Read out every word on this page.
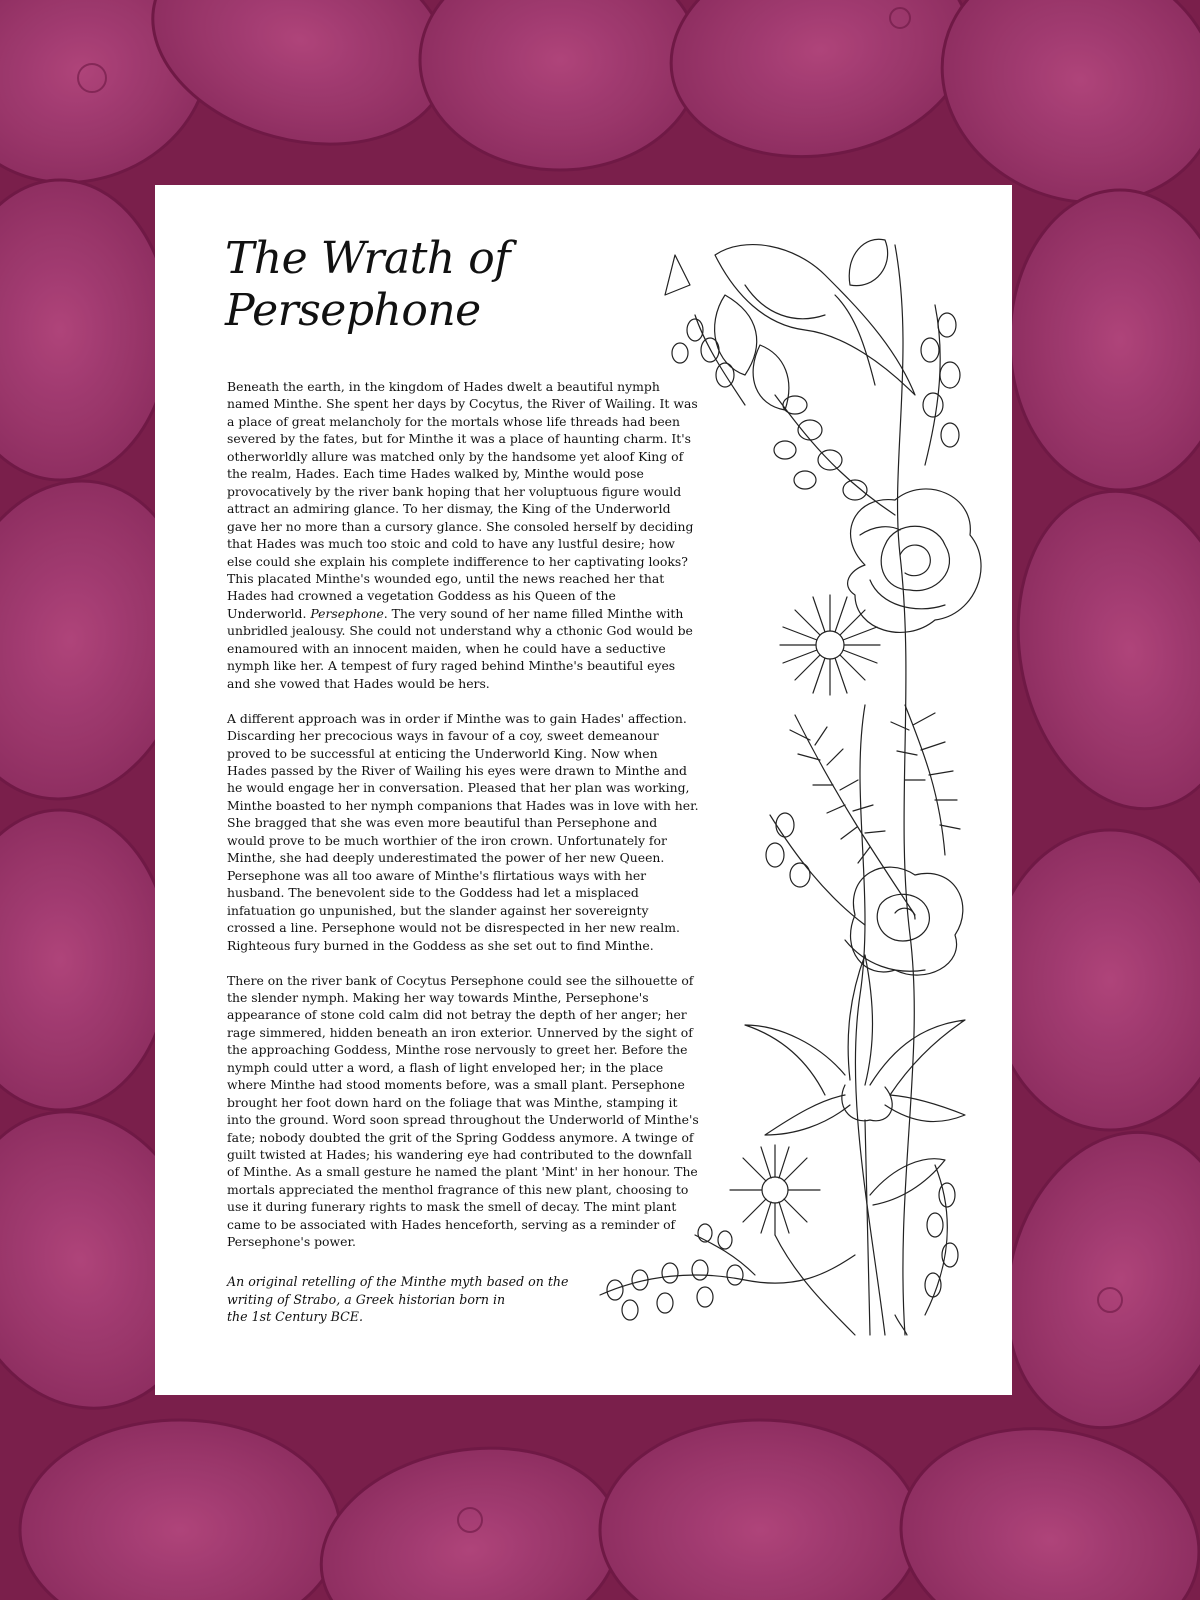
The Wrath of
Persephone

Beneath the earth, in the kingdom of Hades dwelt a beautiful nymph named Minthe. She spent her days by Cocytus, the River of Wailing. It was a place of great melancholy for the mortals whose life threads had been severed by the fates, but for Minthe it was a place of haunting charm. It's otherworldly allure was matched only by the handsome yet aloof King of the realm, Hades. Each time Hades walked by, Minthe would pose provocatively by the river bank hoping that her voluptuous figure would attract an admiring glance. To her dismay, the King of the Underworld gave her no more than a cursory glance. She consoled herself by deciding that Hades was much too stoic and cold to have any lustful desire; how else could she explain his complete indifference to her captivating looks? This placated Minthe's wounded ego, until the news reached her that Hades had crowned a vegetation Goddess as his Queen of the Underworld. Persephone. The very sound of her name filled Minthe with unbridled jealousy. She could not understand why a cthonic God would be enamoured with an innocent maiden, when he could have a seductive nymph like her. A tempest of fury raged behind Minthe's beautiful eyes and she vowed that Hades would be hers.

A different approach was in order if Minthe was to gain Hades' affection. Discarding her precocious ways in favour of a coy, sweet demeanour proved to be successful at enticing the Underworld King. Now when Hades passed by the River of Wailing his eyes were drawn to Minthe and he would engage her in conversation. Pleased that her plan was working, Minthe boasted to her nymph companions that Hades was in love with her. She bragged that she was even more beautiful than Persephone and would prove to be much worthier of the iron crown. Unfortunately for Minthe, she had deeply underestimated the power of her new Queen. Persephone was all too aware of Minthe's flirtatious ways with her husband. The benevolent side to the Goddess had let a misplaced infatuation go unpunished, but the slander against her sovereignty crossed a line. Persephone would not be disrespected in her new realm. Righteous fury burned in the Goddess as she set out to find Minthe.

There on the river bank of Cocytus Persephone could see the silhouette of the slender nymph. Making her way towards Minthe, Persephone's appearance of stone cold calm did not betray the depth of her anger; her rage simmered, hidden beneath an iron exterior. Unnerved by the sight of the approaching Goddess, Minthe rose nervously to greet her. Before the nymph could utter a word, a flash of light enveloped her; in the place where Minthe had stood moments before, was a small plant. Persephone brought her foot down hard on the foliage that was Minthe, stamping it into the ground. Word soon spread throughout the Underworld of Minthe's fate; nobody doubted the grit of the Spring Goddess anymore. A twinge of guilt twisted at Hades; his wandering eye had contributed to the downfall of Minthe. As a small gesture he named the plant 'Mint' in her honour. The mortals appreciated the menthol fragrance of this new plant, choosing to use it during funerary rights to mask the smell of decay. The mint plant came to be associated with Hades henceforth, serving as a reminder of Persephone's power.

An original retelling of the Minthe myth based on the
writing of Strabo, a Greek historian born in
the 1st Century BCE.
